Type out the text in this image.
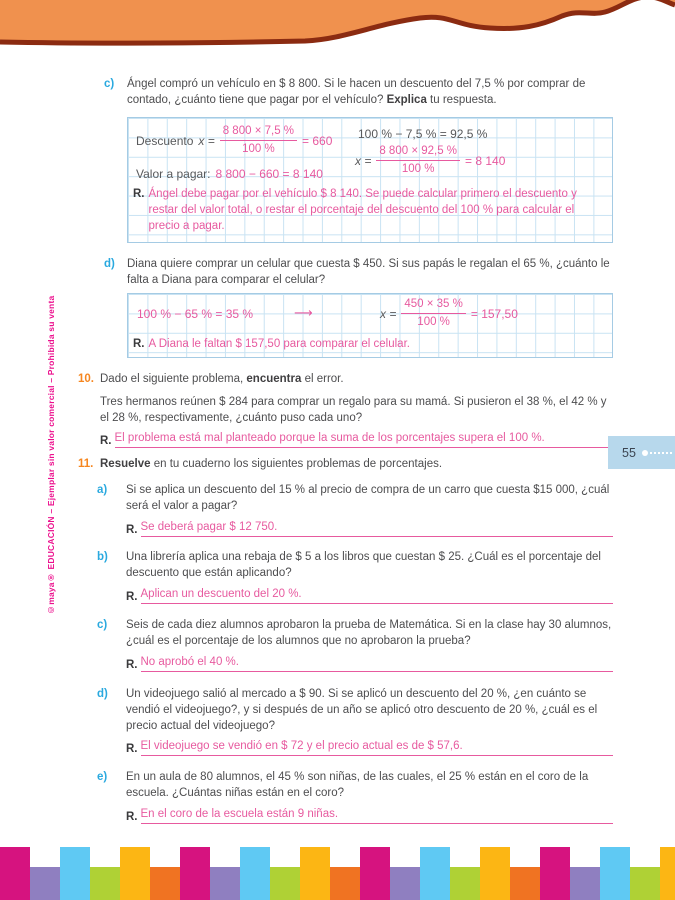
©maya® EDUCACIÓN – Ejemplar sin valor comercial – Prohibida su venta
c)	Ángel compró un vehículo en $ 8 800. Si le hacen un descuento del 7,5 % por comprar de contado, ¿cuánto tiene que pagar por el vehículo? Explica tu respuesta.
Descuento $x = \frac{8 800 \times 7,5 \%}{100 \%} = 660$ 100 % − 7,5 % = 92,5 %
$x = \frac{8 800 \times 92,5 \%}{100 \%} = 8$ 140
Valor a pagar: 8 800 − 660 = 8 140
R. Ángel debe pagar por el vehículo $ 8 140. Se puede calcular primero el descuento y restar del valor total, o restar el porcentaje del descuento del 100 % para calcular el precio a pagar.
d)	Diana quiere comprar un celular que cuesta $ 450. Si sus papás le regalan el 65 %, ¿cuánto le falta a Diana para comparar el celular?
100 % − 65 % = 35 %	⟶	$x = \frac{450 \times 35 \%}{100 \%} = 157,50$
R. A Diana le faltan $ 157,50 para comparar el celular.
10. Dado el siguiente problema, encuentra el error.
Tres hermanos reúnen $ 284 para comprar un regalo para su mamá. Si pusieron el 38 %, el 42 % y el 28 %, respectivamente, ¿cuánto puso cada uno?
R. El problema está mal planteado porque la suma de los porcentajes supera el 100 %.
55
11. Resuelve en tu cuaderno los siguientes problemas de porcentajes.
a)	Si se aplica un descuento del 15 % al precio de compra de un carro que cuesta $15 000, ¿cuál será el valor a pagar?
R. Se deberá pagar $ 12 750.
b)	Una librería aplica una rebaja de $ 5 a los libros que cuestan $ 25. ¿Cuál es el porcentaje del descuento que están aplicando?
R. Aplican un descuento del 20 %.
c)	Seis de cada diez alumnos aprobaron la prueba de Matemática. Si en la clase hay 30 alumnos, ¿cuál es el porcentaje de los alumnos que no aprobaron la prueba?
R. No aprobó el 40 %.
d)	Un videojuego salió al mercado a $ 90. Si se aplicó un descuento del 20 %, ¿en cuánto se vendió el videojuego?, y si después de un año se aplicó otro descuento de 20 %, ¿cuál es el precio actual del videojuego?
R. El videojuego se vendió en $ 72 y el precio actual es de $ 57,6.
e)	En un aula de 80 alumnos, el 45 % son niñas, de las cuales, el 25 % están en el coro de la escuela. ¿Cuántas niñas están en el coro?
R. En el coro de la escuela están 9 niñas.
